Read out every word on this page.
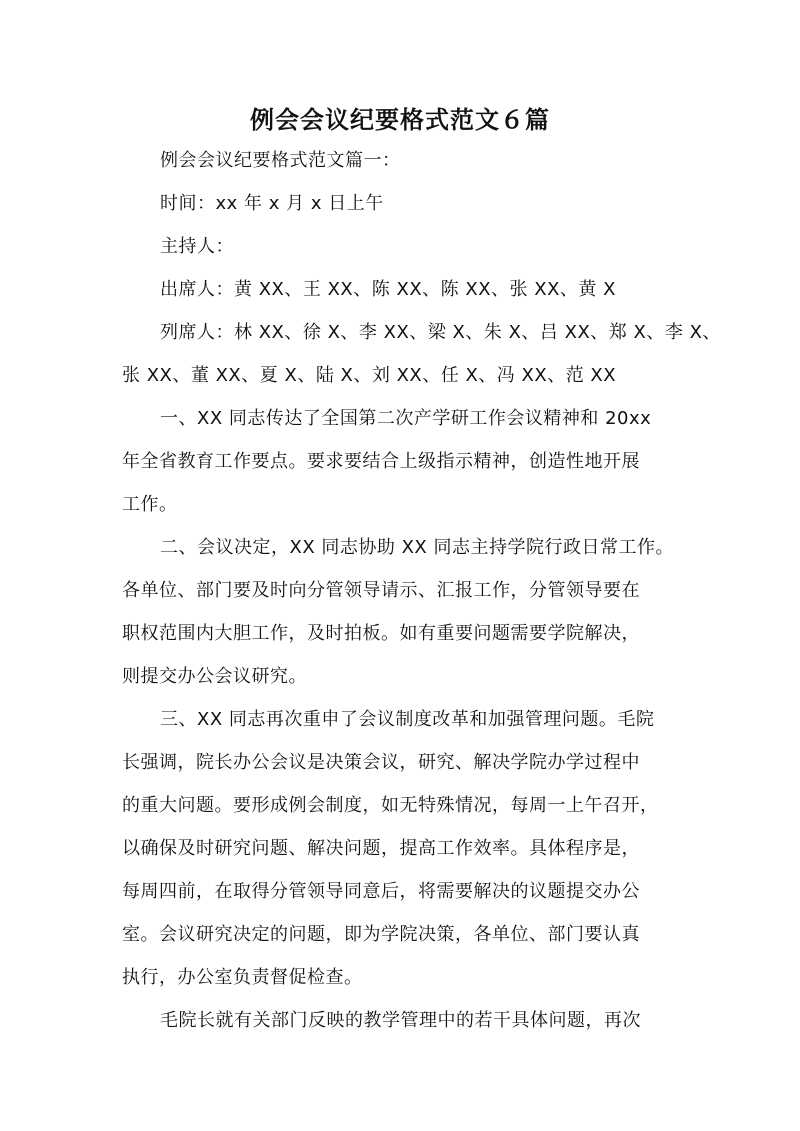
例会会议纪要格式范文６篇
例会会议纪要格式范文篇一：
时间：xx 年 x 月 x 日上午
主持人：
出席人：黄 XX、王 XX、陈 XX、陈 XX、张 XX、黄 X
列席人：林 XX、徐 X、李 XX、梁 X、朱 X、吕 XX、郑 X、李 X、
张 XX、董 XX、夏 X、陆 X、刘 XX、任 X、冯 XX、范 XX
一、XX 同志传达了全国第二次产学研工作会议精神和 20xx
年全省教育工作要点。要求要结合上级指示精神，创造性地开展
工作。
二、会议决定，XX 同志协助 XX 同志主持学院行政日常工作。
各单位、部门要及时向分管领导请示、汇报工作，分管领导要在
职权范围内大胆工作，及时拍板。如有重要问题需要学院解决，
则提交办公会议研究。
三、XX 同志再次重申了会议制度改革和加强管理问题。毛院
长强调，院长办公会议是决策会议，研究、解决学院办学过程中
的重大问题。要形成例会制度，如无特殊情况，每周一上午召开，
以确保及时研究问题、解决问题，提高工作效率。具体程序是，
每周四前，在取得分管领导同意后，将需要解决的议题提交办公
室。会议研究决定的问题，即为学院决策，各单位、部门要认真
执行，办公室负责督促检查。
毛院长就有关部门反映的教学管理中的若干具体问题，再次
